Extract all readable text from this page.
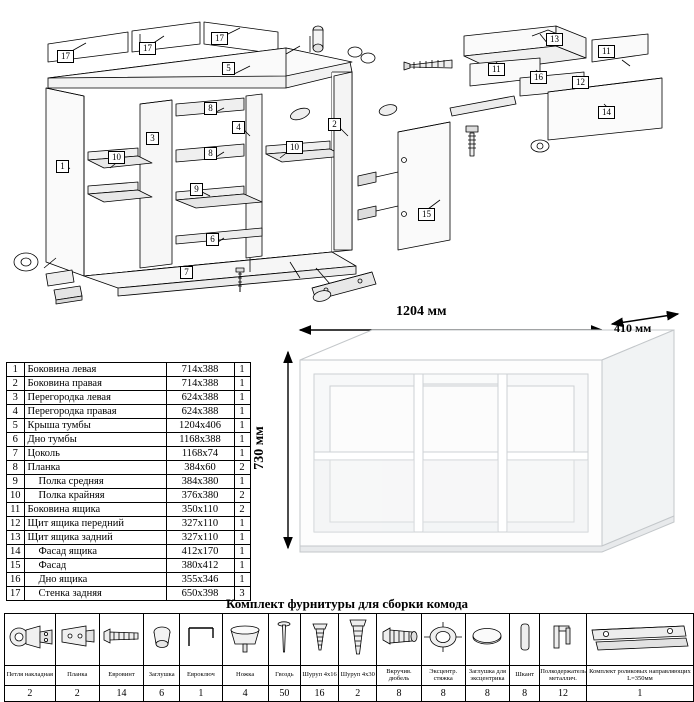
17
17
17
5
8
8
3
1
10
4
10
2
9
6
7
15
13
11
11
16	12
14
1	Боковина левая	714x388	1
2	Боковина правая	714x388	1
3	Перегородка левая	624x388	1
4	Перегородка правая	624x388	1
5	Крыша тумбы	1204x406	1
6	Дно тумбы	1168x388	1
7	Цоколь	1168x74	1
8	Планка	384x60	2
9	Полка средняя	384x380	1
10	Полка крайняя	376x380	2
11	Боковина ящика	350x110	2
12	Щит ящика передний	327x110	1
13	Щит ящика задний	327x110	1
14	Фасад ящика	412x170	1
15	Фасад	380x412	1
16	Дно ящика	355x346	1
17	Стенка задняя	650x398	3
1204 мм
410 мм
730 мм
Комплект фурнитуры для сборки комода

Петля накладная	Планка	Евровинт	Заглушка	Евроключ	Ножка	Гвоздь	Шуруп 4х16	Шуруп 4х30	Вкручив. дюбель	Эксцентр. стяжка	Заглушка для эксцентрика	Шкант	Полкодержатель металлич.	Комплект роликовых направляющих L=350мм
2	2	14	6	1	4	50	16	2	8	8	8	8	12	1
